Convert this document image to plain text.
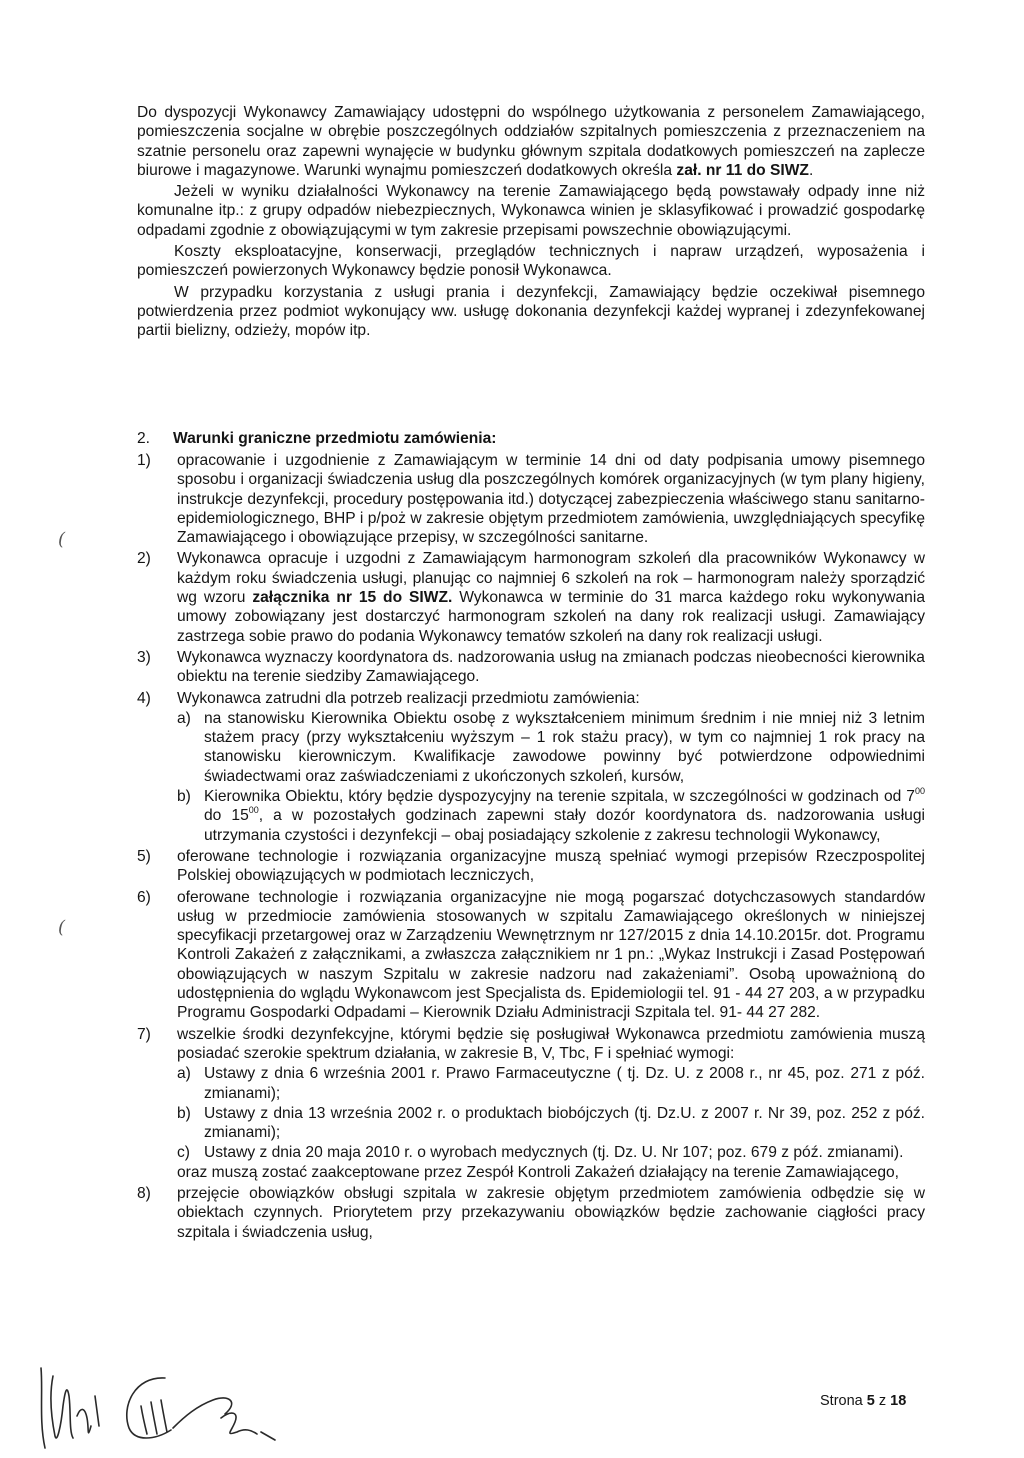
Do dyspozycji Wykonawcy Zamawiający udostępni do wspólnego użytkowania z personelem Zamawiającego, pomieszczenia socjalne w obrębie poszczególnych oddziałów szpitalnych pomieszczenia z przeznaczeniem na szatnie personelu oraz zapewni wynajęcie w budynku głównym szpitala dodatkowych pomieszczeń na zaplecze biurowe i magazynowe. Warunki wynajmu pomieszczeń dodatkowych określa zał. nr 11 do SIWZ.

Jeżeli w wyniku działalności Wykonawcy na terenie Zamawiającego będą powstawały odpady inne niż komunalne itp.: z grupy odpadów niebezpiecznych, Wykonawca winien je sklasyfikować i prowadzić gospodarkę odpadami zgodnie z obowiązującymi w tym zakresie przepisami powszechnie obowiązującymi.

Koszty eksploatacyjne, konserwacji, przeglądów technicznych i napraw urządzeń, wyposażenia i pomieszczeń powierzonych Wykonawcy będzie ponosił Wykonawca.

W przypadku korzystania z usługi prania i dezynfekcji, Zamawiający będzie oczekiwał pisemnego potwierdzenia przez podmiot wykonujący ww. usługę dokonania dezynfekcji każdej wypranej i zdezynfekowanej partii bielizny, odzieży, mopów itp.

2. Warunki graniczne przedmiotu zamówienia:
1)	opracowanie i uzgodnienie z Zamawiającym w terminie 14 dni od daty podpisania umowy pisemnego sposobu i organizacji świadczenia usług dla poszczególnych komórek organizacyjnych (w tym plany higieny, instrukcje dezynfekcji, procedury postępowania itd.) dotyczącej zabezpieczenia właściwego stanu sanitarno-epidemiologicznego, BHP i p/poż w zakresie objętym przedmiotem zamówienia, uwzględniających specyfikę Zamawiającego i obowiązujące przepisy, w szczególności sanitarne.
2)	Wykonawca opracuje i uzgodni z Zamawiającym harmonogram szkoleń dla pracowników Wykonawcy w każdym roku świadczenia usługi, planując co najmniej 6 szkoleń na rok – harmonogram należy sporządzić wg wzoru załącznika nr 15 do SIWZ. Wykonawca w terminie do 31 marca każdego roku wykonywania umowy zobowiązany jest dostarczyć harmonogram szkoleń na dany rok realizacji usługi. Zamawiający zastrzega sobie prawo do podania Wykonawcy tematów szkoleń na dany rok realizacji usługi.
3)	Wykonawca wyznaczy koordynatora ds. nadzorowania usług na zmianach podczas nieobecności kierownika obiektu na terenie siedziby Zamawiającego.
4)	Wykonawca zatrudni dla potrzeb realizacji przedmiotu zamówienia:
a) na stanowisku Kierownika Obiektu osobę z wykształceniem minimum średnim i nie mniej niż 3 letnim stażem pracy (przy wykształceniu wyższym – 1 rok stażu pracy), w tym co najmniej 1 rok pracy na stanowisku kierowniczym. Kwalifikacje zawodowe powinny być potwierdzone odpowiednimi świadectwami oraz zaświadczeniami z ukończonych szkoleń, kursów,
b) Kierownika Obiektu, który będzie dyspozycyjny na terenie szpitala, w szczególności w godzinach od $7^{00}$ do $15^{00}$, a w pozostałych godzinach zapewni stały dozór koordynatora ds. nadzorowania usługi utrzymania czystości i dezynfekcji – obaj posiadający szkolenie z zakresu technologii Wykonawcy,
5)	oferowane technologie i rozwiązania organizacyjne muszą spełniać wymogi przepisów Rzeczpospolitej Polskiej obowiązujących w podmiotach leczniczych,
6)	oferowane technologie i rozwiązania organizacyjne nie mogą pogarszać dotychczasowych standardów usług w przedmiocie zamówienia stosowanych w szpitalu Zamawiającego określonych w niniejszej specyfikacji przetargowej oraz w Zarządzeniu Wewnętrznym nr 127/2015 z dnia 14.10.2015r. dot. Programu Kontroli Zakażeń z załącznikami, a zwłaszcza załącznikiem nr 1 pn.: „Wykaz Instrukcji i Zasad Postępowań obowiązujących w naszym Szpitalu w zakresie nadzoru nad zakażeniami”. Osobą upoważnioną do udostępnienia do wglądu Wykonawcom jest Specjalista ds. Epidemiologii tel. 91 - 44 27 203, a w przypadku Programu Gospodarki Odpadami – Kierownik Działu Administracji Szpitala tel. 91- 44 27 282.
7)	wszelkie środki dezynfekcyjne, którymi będzie się posługiwał Wykonawca przedmiotu zamówienia muszą posiadać szerokie spektrum działania, w zakresie B, V, Tbc, F i spełniać wymogi:
a) Ustawy z dnia 6 września 2001 r. Prawo Farmaceutyczne ( tj. Dz. U. z 2008 r., nr 45, poz. 271 z póź. zmianami);
b) Ustawy z dnia 13 września 2002 r. o produktach biobójczych (tj. Dz.U. z 2007 r. Nr 39, poz. 252 z póź. zmianami);
c) Ustawy z dnia 20 maja 2010 r. o wyrobach medycznych (tj. Dz. U. Nr 107; poz. 679 z póź. zmianami).
oraz muszą zostać zaakceptowane przez Zespół Kontroli Zakażeń działający na terenie Zamawiającego,
8)	przejęcie obowiązków obsługi szpitala w zakresie objętym przedmiotem zamówienia odbędzie się w obiektach czynnych. Priorytetem przy przekazywaniu obowiązków będzie zachowanie ciągłości pracy szpitala i świadczenia usług,
(
(
Strona 5 z 18
